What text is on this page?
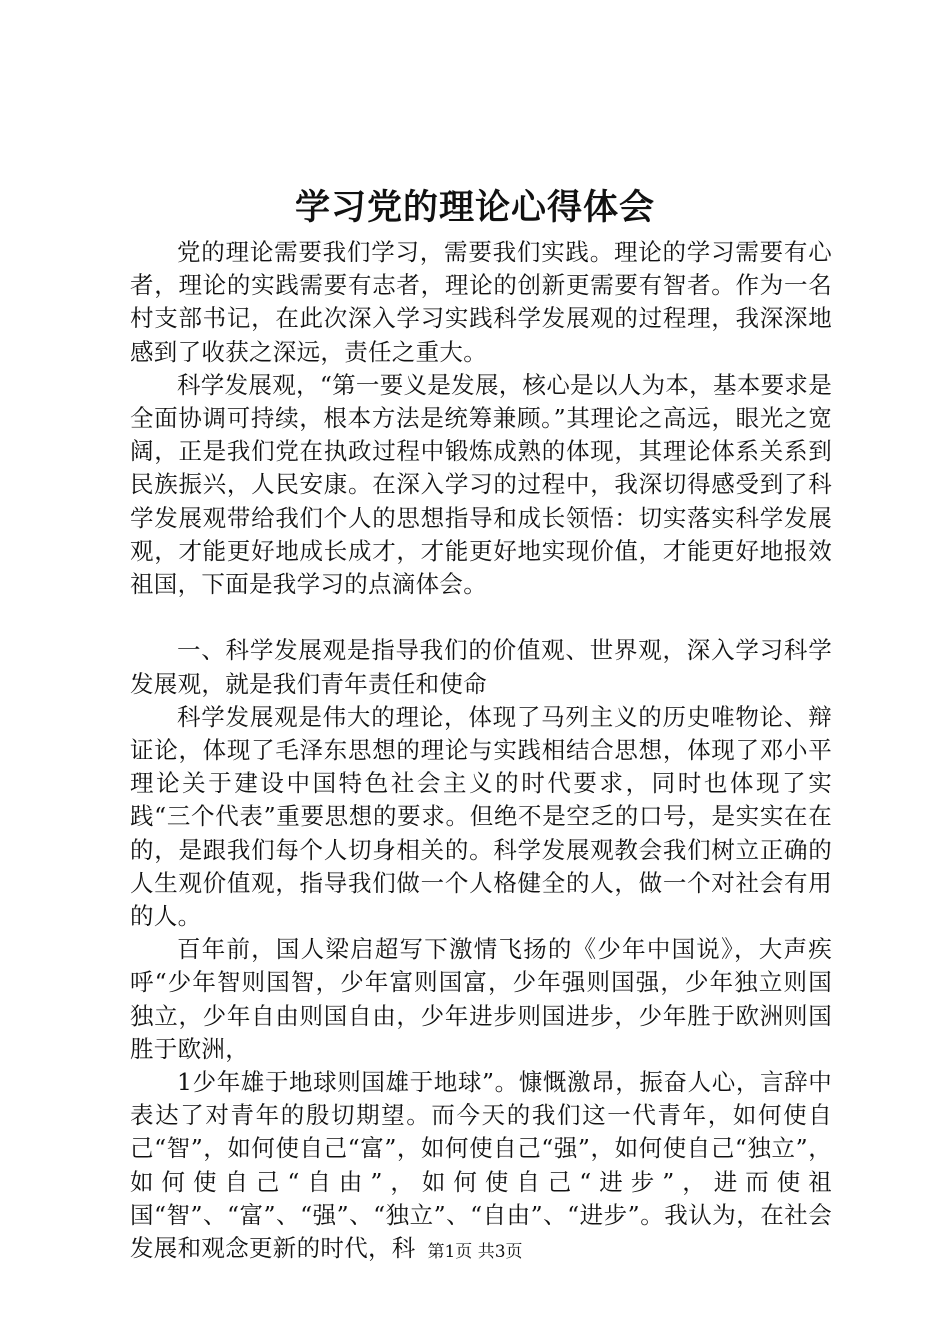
学习党的理论心得体会

党的理论需要我们学习，需要我们实践。理论的学习需要有心者，理论的实践需要有志者，理论的创新更需要有智者。作为一名村支部书记，在此次深入学习实践科学发展观的过程理，我深深地感到了收获之深远，责任之重大。

科学发展观，“第一要义是发展，核心是以人为本，基本要求是全面协调可持续，根本方法是统筹兼顾。”其理论之高远，眼光之宽阔，正是我们党在执政过程中锻炼成熟的体现，其理论体系关系到民族振兴，人民安康。在深入学习的过程中，我深切得感受到了科学发展观带给我们个人的思想指导和成长领悟：切实落实科学发展观，才能更好地成长成才，才能更好地实现价值，才能更好地报效祖国，下面是我学习的点滴体会。

一、科学发展观是指导我们的价值观、世界观，深入学习科学发展观，就是我们青年责任和使命

科学发展观是伟大的理论，体现了马列主义的历史唯物论、辩证论，体现了毛泽东思想的理论与实践相结合思想，体现了邓小平理论关于建设中国特色社会主义的时代要求，同时也体现了实践“三个代表”重要思想的要求。但绝不是空乏的口号，是实实在在的，是跟我们每个人切身相关的。科学发展观教会我们树立正确的人生观价值观，指导我们做一个人格健全的人，做一个对社会有用的人。

百年前，国人梁启超写下激情飞扬的《少年中国说》，大声疾呼“少年智则国智，少年富则国富，少年强则国强，少年独立则国独立，少年自由则国自由，少年进步则国进步，少年胜于欧洲则国胜于欧洲，

1少年雄于地球则国雄于地球”。慷慨激昂，振奋人心，言辞中表达了对青年的殷切期望。而今天的我们这一代青年，如何使自己“智”，如何使自己“富”，如何使自己“强”，如何使自己“独立”，如何使自己“自由”，如何使自己“进步”，进而使祖国“智”、“富”、“强”、“独立”、“自由”、“进步”。我认为，在社会发展和观念更新的时代，科 第1页 共3页
